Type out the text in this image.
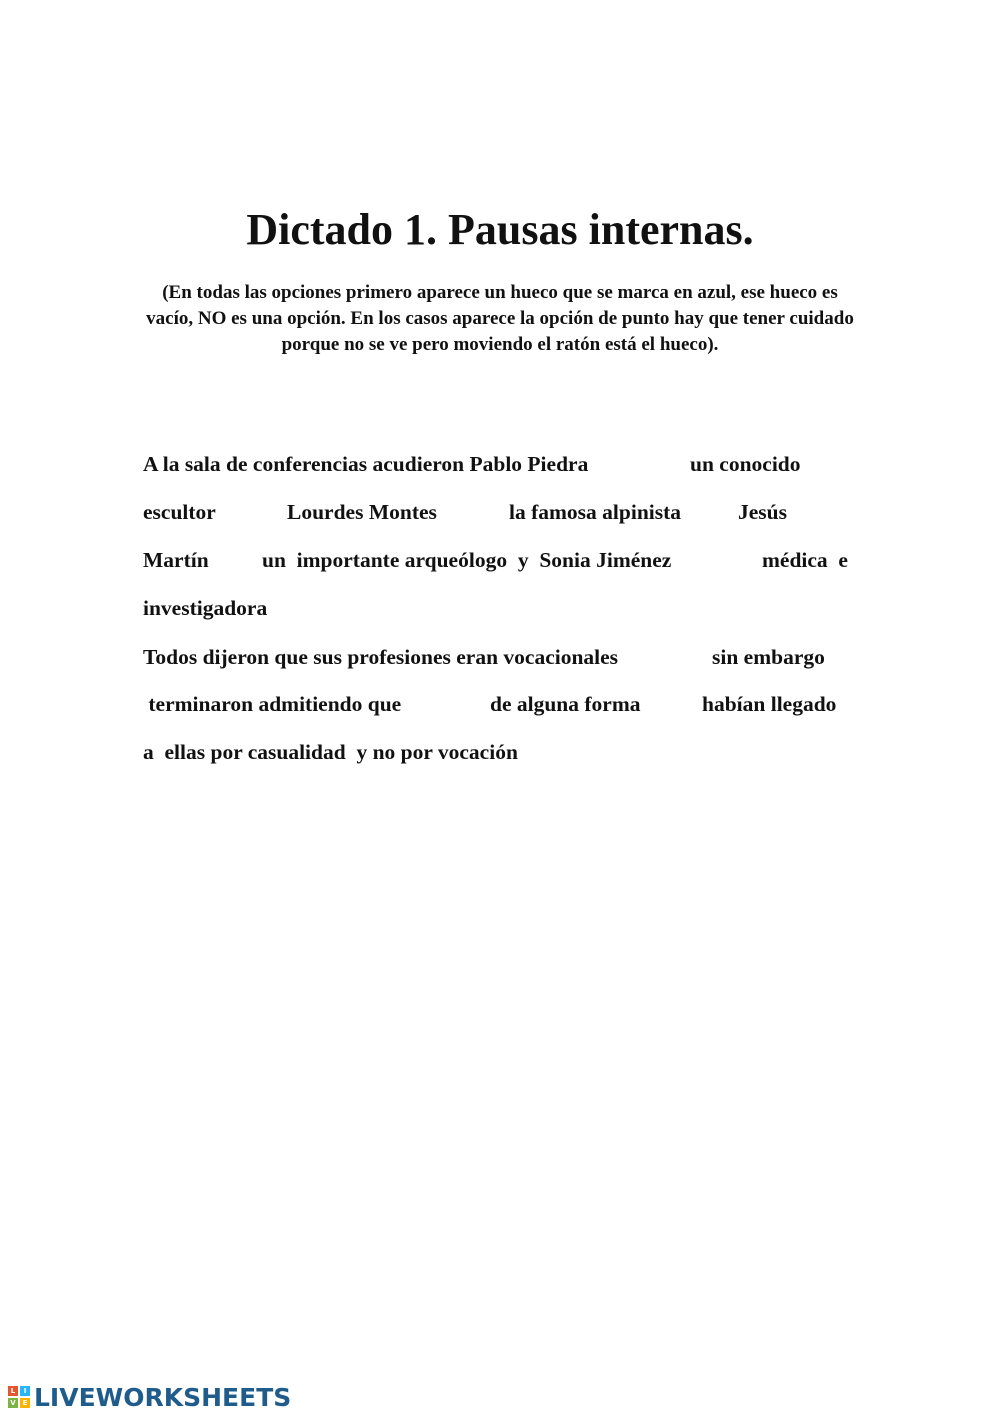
Dictado 1. Pausas internas.

(En todas las opciones primero aparece un hueco que se marca en azul, ese hueco es vacío, NO es una opción. En los casos aparece la opción de punto hay que tener cuidado porque no se ve pero moviendo el ratón está el hueco).

A la sala de conferencias acudieron Pablo Piedra	un conocido
escultor	Lourdes Montes	la famosa alpinista	Jesús
Martín un  importante arqueólogo  y  Sonia Jiménez	médica  e
investigadora
Todos dijeron que sus profesiones eran vocacionales	sin embargo
terminaron admitiendo que	de alguna forma	habían llegado
a  ellas por casualidad  y no por vocación
L	I
V E LIVEWORKSHEETS
